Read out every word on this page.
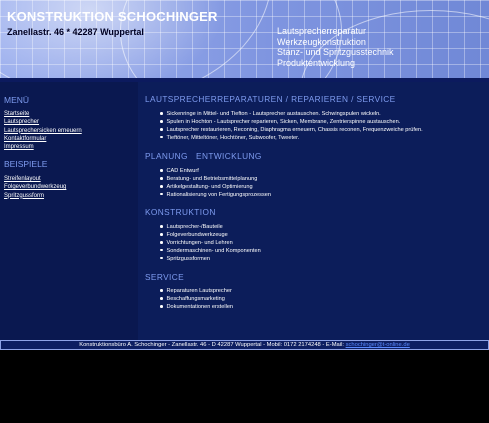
KONSTRUKTION SCHOCHINGER
Zanellastr. 46 * 42287 Wuppertal	Lautsprecherreparatur
Werkzeugkonstruktion
Stanz- und Spritzgusstechnik
Produktentwicklung
MENÜ
Startseite
Lautsprecher
Lautsprechersicken erneuern
Kontaktformular
Impressum
BEISPIELE
Streifenlayout
Folgeverbundwerkzeug
Spritzgussform
LAUTSPRECHERREPARATUREN / REPARIEREN / SERVICE
Sickenringe in Mittel- und Tiefton - Lautsprecher austauschen. Schwingspulen wickeln.
Spulen in Hochton - Lautsprecher reparieren, Sicken, Membrane, Zentrierspinne austauschen.
Lautsprecher restaurieren, Reconing, Diaphragma erneuern, Chassis reconen, Frequenzweiche prüfen.
Tieftöner, Mitteltöner, Hochtöner, Subwoofer, Tweeter.
PLANUNG   ENTWICKLUNG
CAD Entwurf
Beratung- und Betriebsmittelplanung
Artikelgestaltung- und Optimierung
Rationalisierung von Fertigungsprozessen
KONSTRUKTION
Lautsprecher-/Bauteile
Folgeverbundwerkzeuge
Vorrichtungen- und Lehren
Sondermaschinen- und Komponenten
Spritzgussformen
SERVICE
Reparaturen Lautsprecher
Beschaffungsmarketing
Dokumentationen erstellen
Konstruktionsbüro A. Schochinger - Zanellastr. 46 - D 42287 Wuppertal - Mobil: 0172 2174248 - E-Mail: schochinger@t-online.de
